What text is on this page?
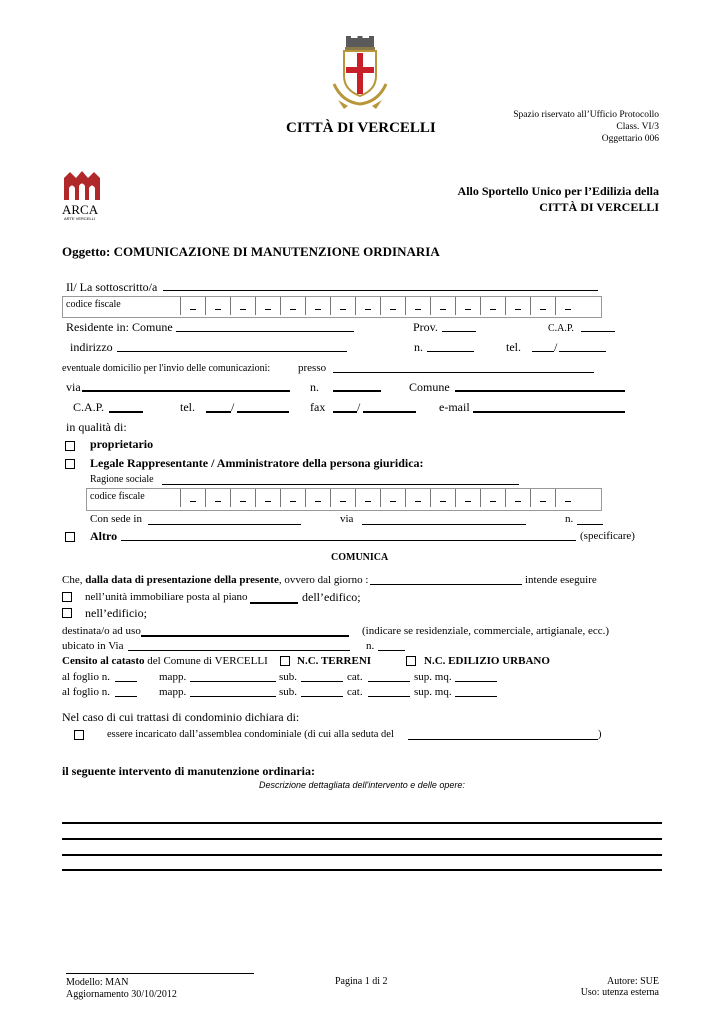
CITTÀ DI VERCELLI
Spazio riservato all’Ufficio Protocollo
Class. VI/3
Oggettario 006
ARCA
ARTE VERCELLI
Allo Sportello Unico per l’Edilizia della
CITTÀ DI VERCELLI
Oggetto: COMUNICAZIONE DI MANUTENZIONE ORDINARIA
Il/ La sottoscritto/a
codice fiscale
Residente in: Comune	Prov.	C.A.P.
indirizzo	n.	tel.	/
eventuale domicilio per l'invio delle comunicazioni:	presso
via	n.	Comune
C.A.P.	tel.	/	fax	/	e-mail
in qualità di:
proprietario
Legale Rappresentante / Amministratore della persona giuridica:
Ragione sociale
codice fiscale
Con sede in	via	n.
Altro	(specificare)
COMUNICA
Che, dalla data di presentazione della presente, ovvero dal giorno :	intende eseguire
nell’unità immobiliare posta al piano	dell’edifico;
nell’edificio;
destinata/o ad uso	(indicare se residenziale, commerciale, artigianale, ecc.)
ubicato in Via	n.
Censito al catasto del Comune di VERCELLI	N.C. TERRENI	N.C. EDILIZIO URBANO
al foglio n.	mapp.	sub.	cat.	sup. mq.
al foglio n.	mapp.	sub.	cat.	sup. mq.
Nel caso di cui trattasi di condominio dichiara di:
essere incaricato dall’assemblea condominiale (di cui alla seduta del	)
il seguente intervento di manutenzione ordinaria:
Descrizione dettagliata dell'intervento e delle opere:
Modello: MAN
Aggiornamento 30/10/2012
Pagina 1 di 2	Autore: SUE
Uso: utenza esterna
